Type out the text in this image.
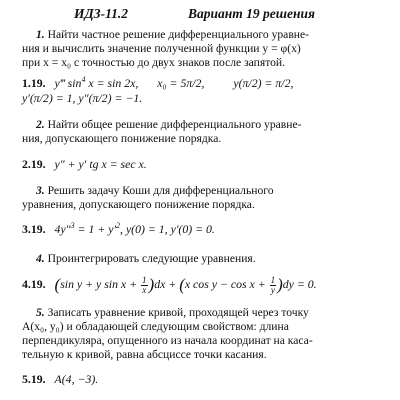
ИДЗ-11.2	Вариант 19 решения
1. Найти частное решение дифференциального уравне-
ния и вычислить значение полученной функции y = φ(x)
при x = x₀ с точностью до двух знаков после запятой.
1.19. y‴ $\sin^4 x = \sin 2x$, x₀ = 5π/2, y(π/2) = π/2,
y′(π/2) = 1, y″(π/2) = −1.
2. Найти общее решение дифференциального уравне-
ния, допускающего понижение порядка.
2.19. y″ + y′ tg x = sec x.
3. Решить задачу Коши для дифференциального
уравнения, допускающего понижение порядка.
3.19. $4y''^3 = 1 + y'^2$, y(0) = 1, y′(0) = 0.
4. Проинтегрировать следующие уравнения.
4.19. (sin y + y $\sin x + \frac{1}{x} )dx + (x$ $\cos y - \cos x + \frac{1}{y} )dy = 0$.
5. Записать уравнение кривой, проходящей через точку
A(x₀, y₀) и обладающей следующим свойством: длина
перпендикуляра, опущенного из начала координат на каса-
тельную к кривой, равна абсциссе точки касания.
5.19. A(4, −3).
